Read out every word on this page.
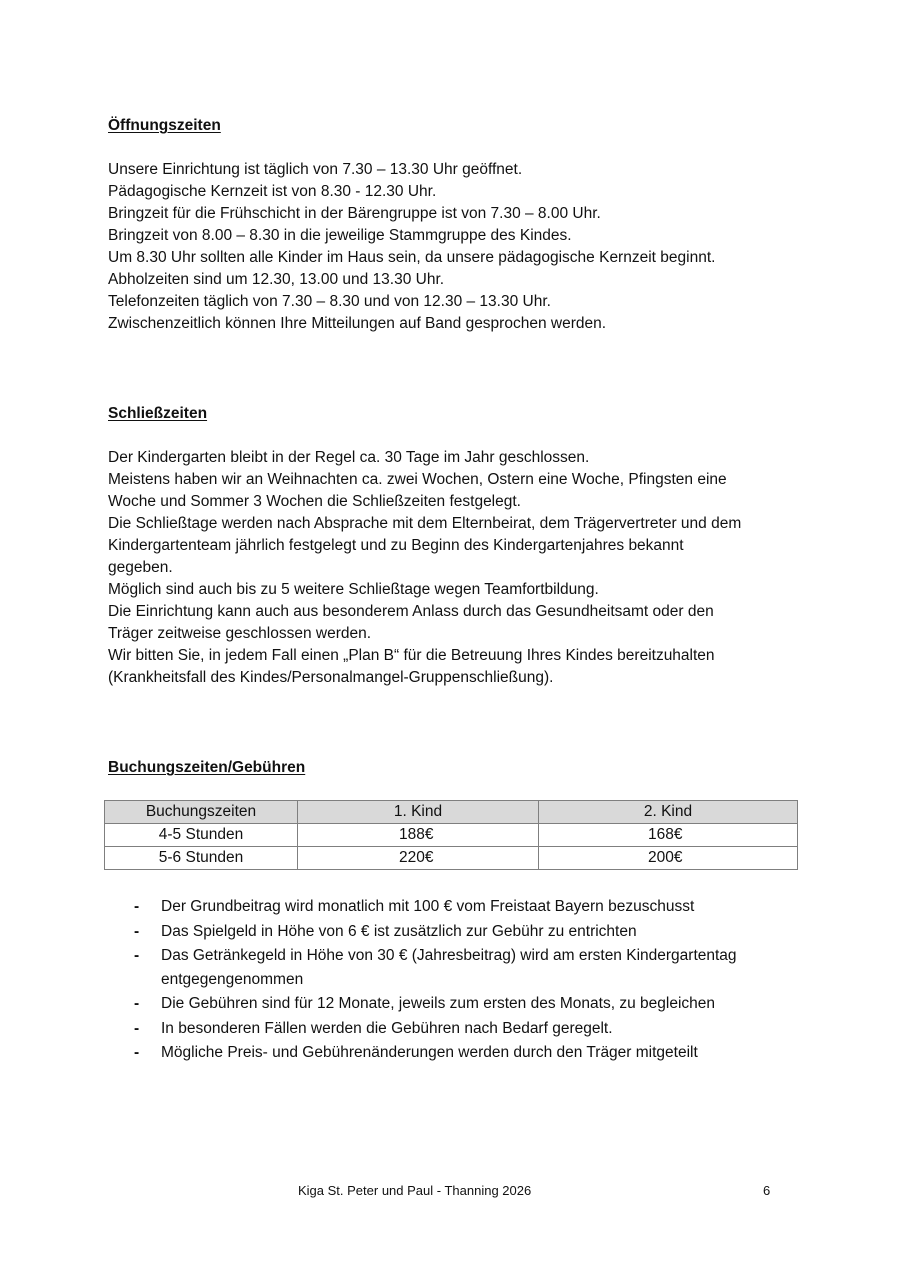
Öffnungszeiten
Unsere Einrichtung ist täglich von 7.30 – 13.30 Uhr geöffnet.
Pädagogische Kernzeit ist von 8.30 - 12.30 Uhr.
Bringzeit für die Frühschicht in der Bärengruppe ist von 7.30 – 8.00 Uhr.
Bringzeit von 8.00 – 8.30 in die jeweilige Stammgruppe des Kindes.
Um 8.30 Uhr sollten alle Kinder im Haus sein, da unsere pädagogische Kernzeit beginnt.
Abholzeiten sind um 12.30, 13.00 und 13.30 Uhr.
Telefonzeiten täglich von 7.30 – 8.30 und von 12.30 – 13.30 Uhr.
Zwischenzeitlich können Ihre Mitteilungen auf Band gesprochen werden.
Schließzeiten
Der Kindergarten bleibt in der Regel ca. 30 Tage im Jahr geschlossen.
Meistens haben wir an Weihnachten ca. zwei Wochen, Ostern eine Woche, Pfingsten eine
Woche und Sommer 3 Wochen die Schließzeiten festgelegt.
Die Schließtage werden nach Absprache mit dem Elternbeirat, dem Trägervertreter und dem
Kindergartenteam jährlich festgelegt und zu Beginn des Kindergartenjahres bekannt
gegeben.
Möglich sind auch bis zu 5 weitere Schließtage wegen Teamfortbildung.
Die Einrichtung kann auch aus besonderem Anlass durch das Gesundheitsamt oder den
Träger zeitweise geschlossen werden.
Wir bitten Sie, in jedem Fall einen „Plan B“ für die Betreuung Ihres Kindes bereitzuhalten
(Krankheitsfall des Kindes/Personalmangel-Gruppenschließung).
Buchungszeiten/Gebühren
Buchungszeiten	1. Kind	2. Kind
4-5 Stunden	188€	168€
5-6 Stunden	220€	200€
- Der Grundbeitrag wird monatlich mit 100 € vom Freistaat Bayern bezuschusst
- Das Spielgeld in Höhe von 6 € ist zusätzlich zur Gebühr zu entrichten
- Das Getränkegeld in Höhe von 30 € (Jahresbeitrag) wird am ersten Kindergartentag
entgegengenommen
- Die Gebühren sind für 12 Monate, jeweils zum ersten des Monats, zu begleichen
- In besonderen Fällen werden die Gebühren nach Bedarf geregelt.
- Mögliche Preis- und Gebührenänderungen werden durch den Träger mitgeteilt
Kiga St. Peter und Paul - Thanning 2026	6
